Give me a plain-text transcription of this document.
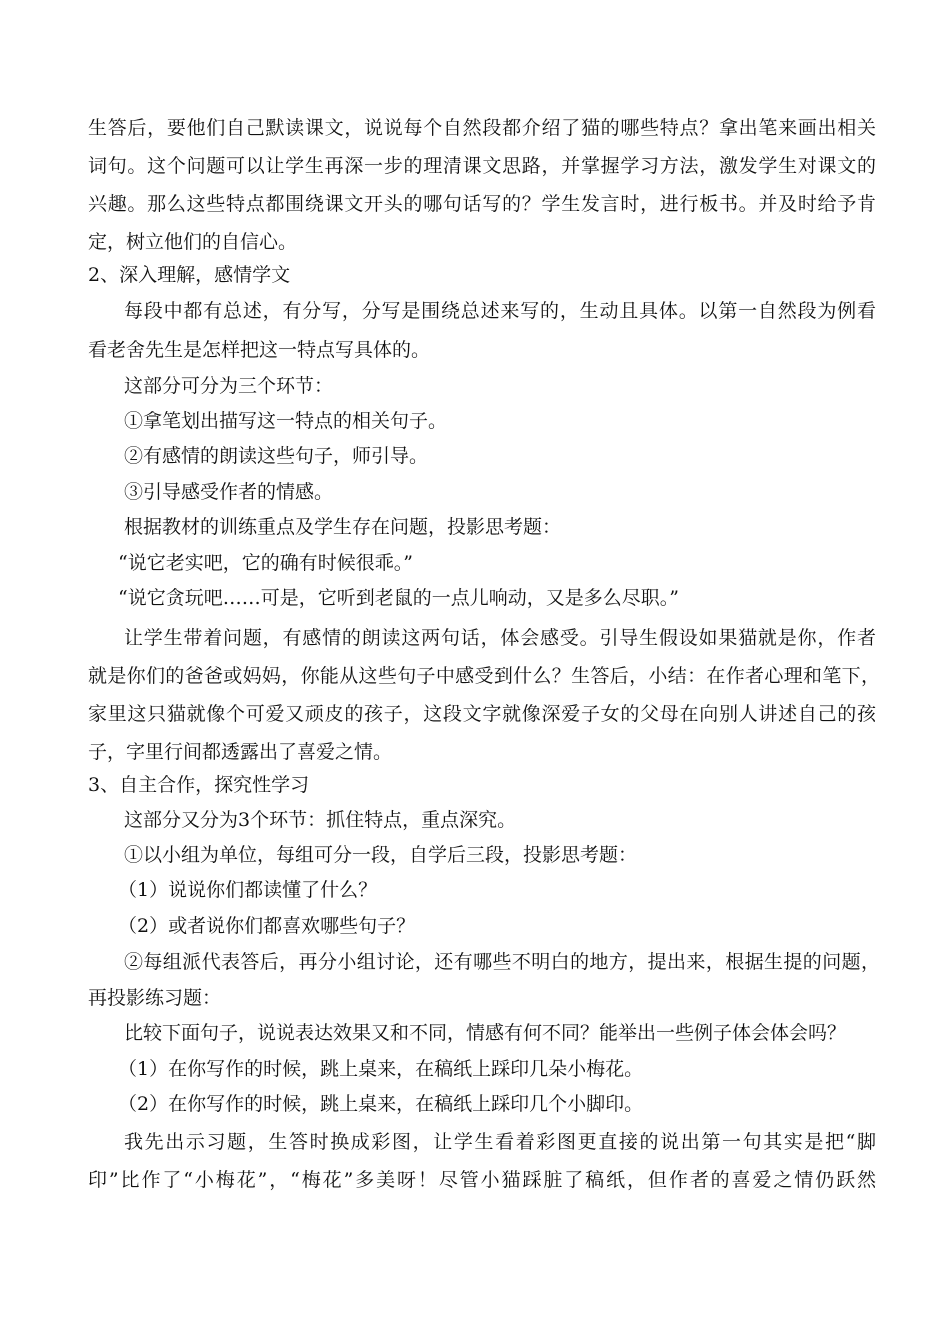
生答后，要他们自己默读课文，说说每个自然段都介绍了猫的哪些特点？拿出笔来画出相关
词句。这个问题可以让学生再深一步的理清课文思路，并掌握学习方法，激发学生对课文的
兴趣。那么这些特点都围绕课文开头的哪句话写的？学生发言时，进行板书。并及时给予肯
定，树立他们的自信心。
2、深入理解，感情学文
每段中都有总述，有分写，分写是围绕总述来写的，生动且具体。以第一自然段为例看
看老舍先生是怎样把这一特点写具体的。
这部分可分为三个环节：
①拿笔划出描写这一特点的相关句子。
②有感情的朗读这些句子，师引导。
③引导感受作者的情感。
根据教材的训练重点及学生存在问题，投影思考题：
“说它老实吧，它的确有时候很乖。”
“说它贪玩吧……可是，它听到老鼠的一点儿响动，又是多么尽职。”
让学生带着问题，有感情的朗读这两句话，体会感受。引导生假设如果猫就是你，作者
就是你们的爸爸或妈妈，你能从这些句子中感受到什么？生答后，小结：在作者心理和笔下，
家里这只猫就像个可爱又顽皮的孩子，这段文字就像深爱子女的父母在向别人讲述自己的孩
子，字里行间都透露出了喜爱之情。
3、自主合作，探究性学习
这部分又分为3个环节：抓住特点，重点深究。
①以小组为单位，每组可分一段，自学后三段，投影思考题：
（1）说说你们都读懂了什么？
（2）或者说你们都喜欢哪些句子？
②每组派代表答后，再分小组讨论，还有哪些不明白的地方，提出来，根据生提的问题，
再投影练习题：
比较下面句子，说说表达效果又和不同，情感有何不同？能举出一些例子体会体会吗？
（1）在你写作的时候，跳上桌来，在稿纸上踩印几朵小梅花。
（2）在你写作的时候，跳上桌来，在稿纸上踩印几个小脚印。
我先出示习题，生答时换成彩图，让学生看着彩图更直接的说出第一句其实是把“脚
印”比作了“小梅花”，“梅花”多美呀！尽管小猫踩脏了稿纸，但作者的喜爱之情仍跃然
